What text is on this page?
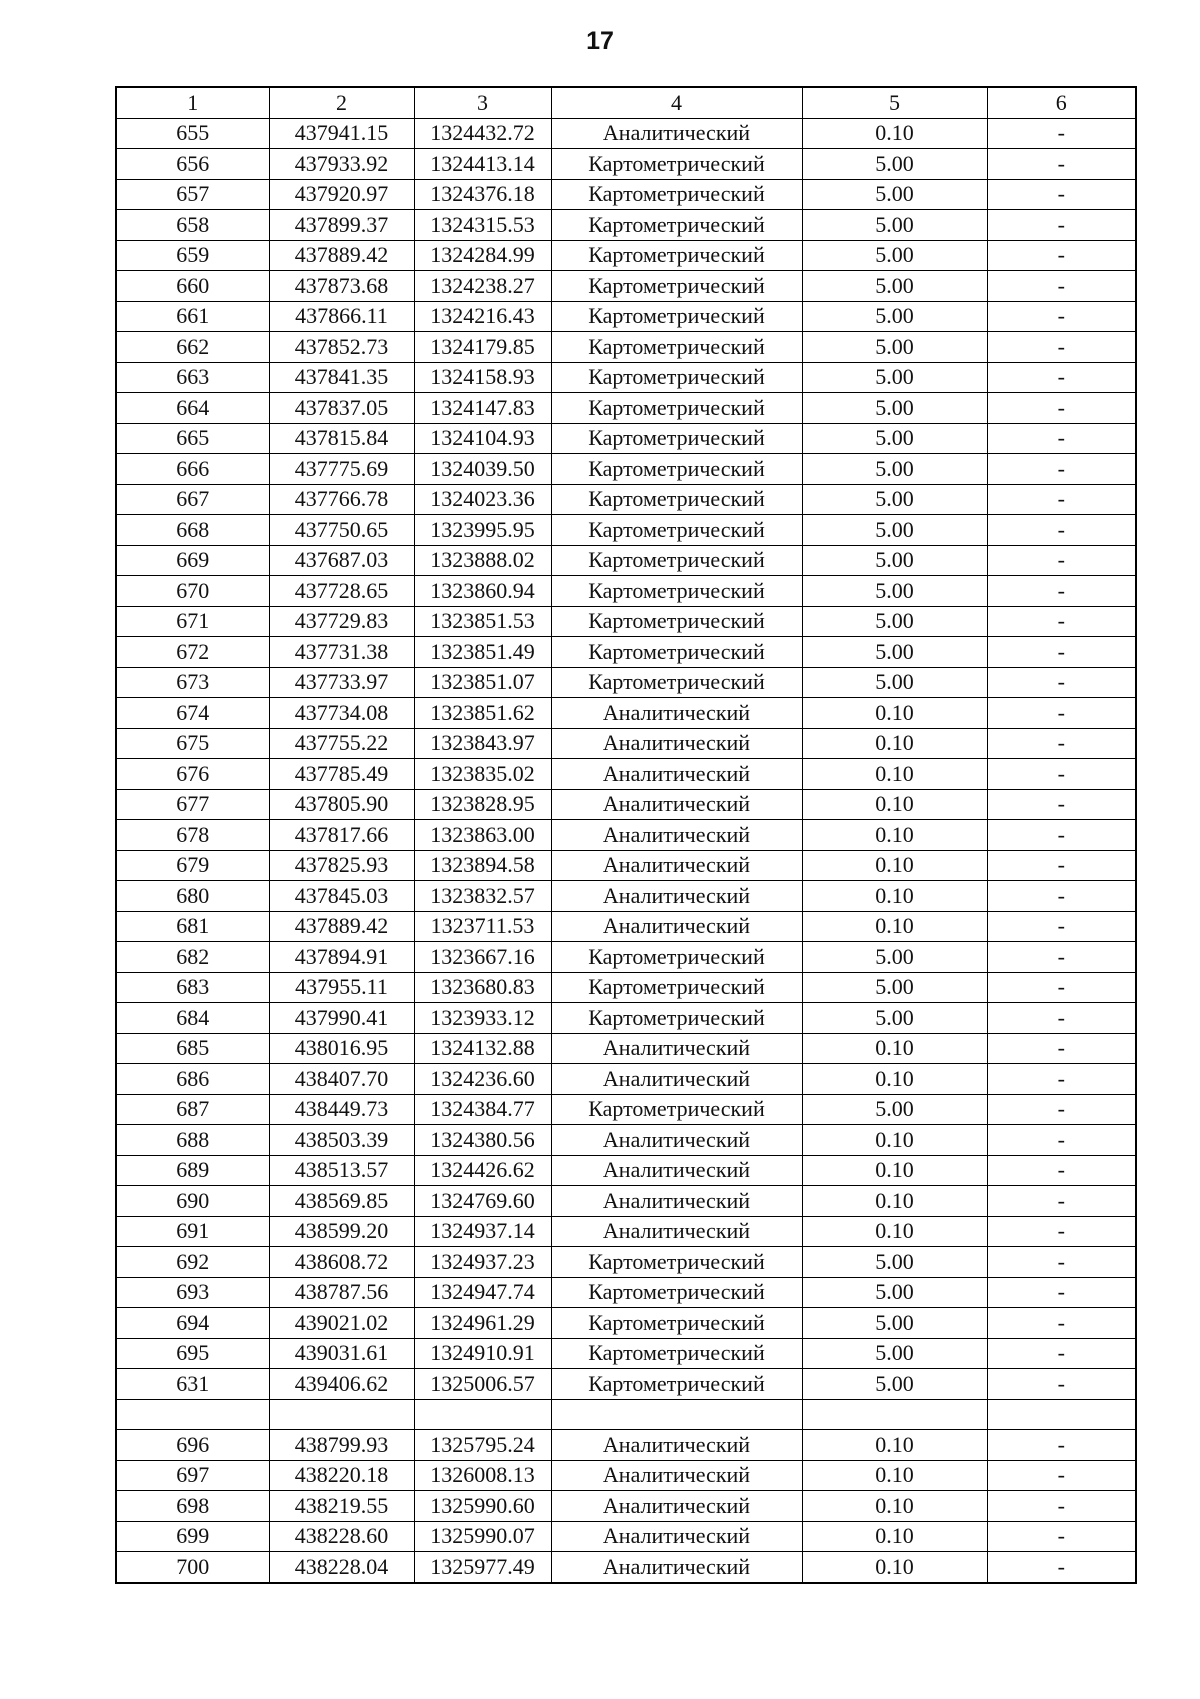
17
1	2	3	4	5	6
655	437941.15	1324432.72	Аналитический	0.10	-
656	437933.92	1324413.14	Картометрический	5.00	-
657	437920.97	1324376.18	Картометрический	5.00	-
658	437899.37	1324315.53	Картометрический	5.00	-
659	437889.42	1324284.99	Картометрический	5.00	-
660	437873.68	1324238.27	Картометрический	5.00	-
661	437866.11	1324216.43	Картометрический	5.00	-
662	437852.73	1324179.85	Картометрический	5.00	-
663	437841.35	1324158.93	Картометрический	5.00	-
664	437837.05	1324147.83	Картометрический	5.00	-
665	437815.84	1324104.93	Картометрический	5.00	-
666	437775.69	1324039.50	Картометрический	5.00	-
667	437766.78	1324023.36	Картометрический	5.00	-
668	437750.65	1323995.95	Картометрический	5.00	-
669	437687.03	1323888.02	Картометрический	5.00	-
670	437728.65	1323860.94	Картометрический	5.00	-
671	437729.83	1323851.53	Картометрический	5.00	-
672	437731.38	1323851.49	Картометрический	5.00	-
673	437733.97	1323851.07	Картометрический	5.00	-
674	437734.08	1323851.62	Аналитический	0.10	-
675	437755.22	1323843.97	Аналитический	0.10	-
676	437785.49	1323835.02	Аналитический	0.10	-
677	437805.90	1323828.95	Аналитический	0.10	-
678	437817.66	1323863.00	Аналитический	0.10	-
679	437825.93	1323894.58	Аналитический	0.10	-
680	437845.03	1323832.57	Аналитический	0.10	-
681	437889.42	1323711.53	Аналитический	0.10	-
682	437894.91	1323667.16	Картометрический	5.00	-
683	437955.11	1323680.83	Картометрический	5.00	-
684	437990.41	1323933.12	Картометрический	5.00	-
685	438016.95	1324132.88	Аналитический	0.10	-
686	438407.70	1324236.60	Аналитический	0.10	-
687	438449.73	1324384.77	Картометрический	5.00	-
688	438503.39	1324380.56	Аналитический	0.10	-
689	438513.57	1324426.62	Аналитический	0.10	-
690	438569.85	1324769.60	Аналитический	0.10	-
691	438599.20	1324937.14	Аналитический	0.10	-
692	438608.72	1324937.23	Картометрический	5.00	-
693	438787.56	1324947.74	Картометрический	5.00	-
694	439021.02	1324961.29	Картометрический	5.00	-
695	439031.61	1324910.91	Картометрический	5.00	-
631	439406.62	1325006.57	Картометрический	5.00	-

696	438799.93	1325795.24	Аналитический	0.10	-
697	438220.18	1326008.13	Аналитический	0.10	-
698	438219.55	1325990.60	Аналитический	0.10	-
699	438228.60	1325990.07	Аналитический	0.10	-
700	438228.04	1325977.49	Аналитический	0.10	-
